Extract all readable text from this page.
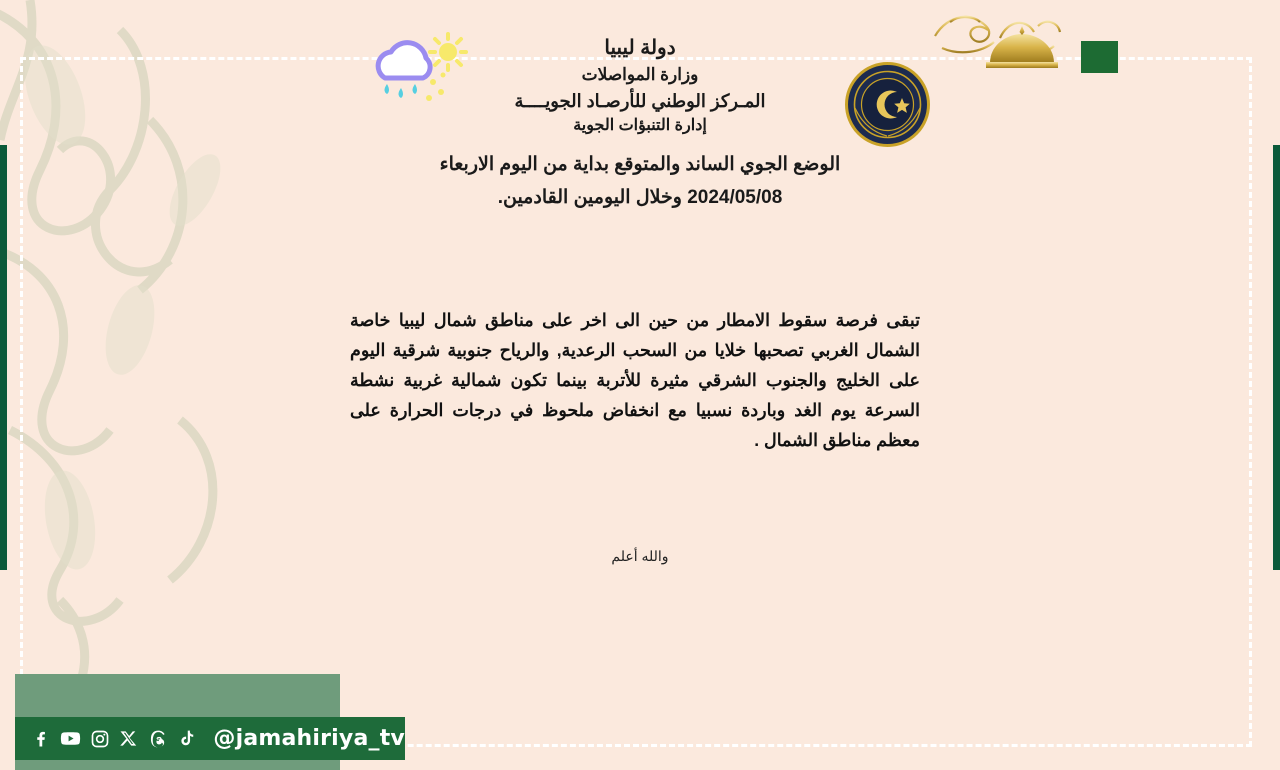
دولة ليبيا
وزارة المواصلات
المـركز الوطني للأرصـاد الجويــــة
إدارة التنبؤات الجوية
الوضع الجوي الساند والمتوقع بداية من اليوم الاربعاء
2024/05/08 وخلال اليومين القادمين.
تبقى فرصة سقوط الامطار من حين الى اخر على مناطق شمال ليبيا خاصة الشمال الغربي تصحبها خلايا من السحب الرعدية, والرياح جنوبية شرقية اليوم على الخليج والجنوب الشرقي مثيرة للأتربة بينما تكون شمالية غربية نشطة السرعة يوم الغد وباردة نسبيا مع انخفاض ملحوظ في درجات الحرارة على معظم مناطق الشمال .
والله أعلم
@jamahiriya_tv
